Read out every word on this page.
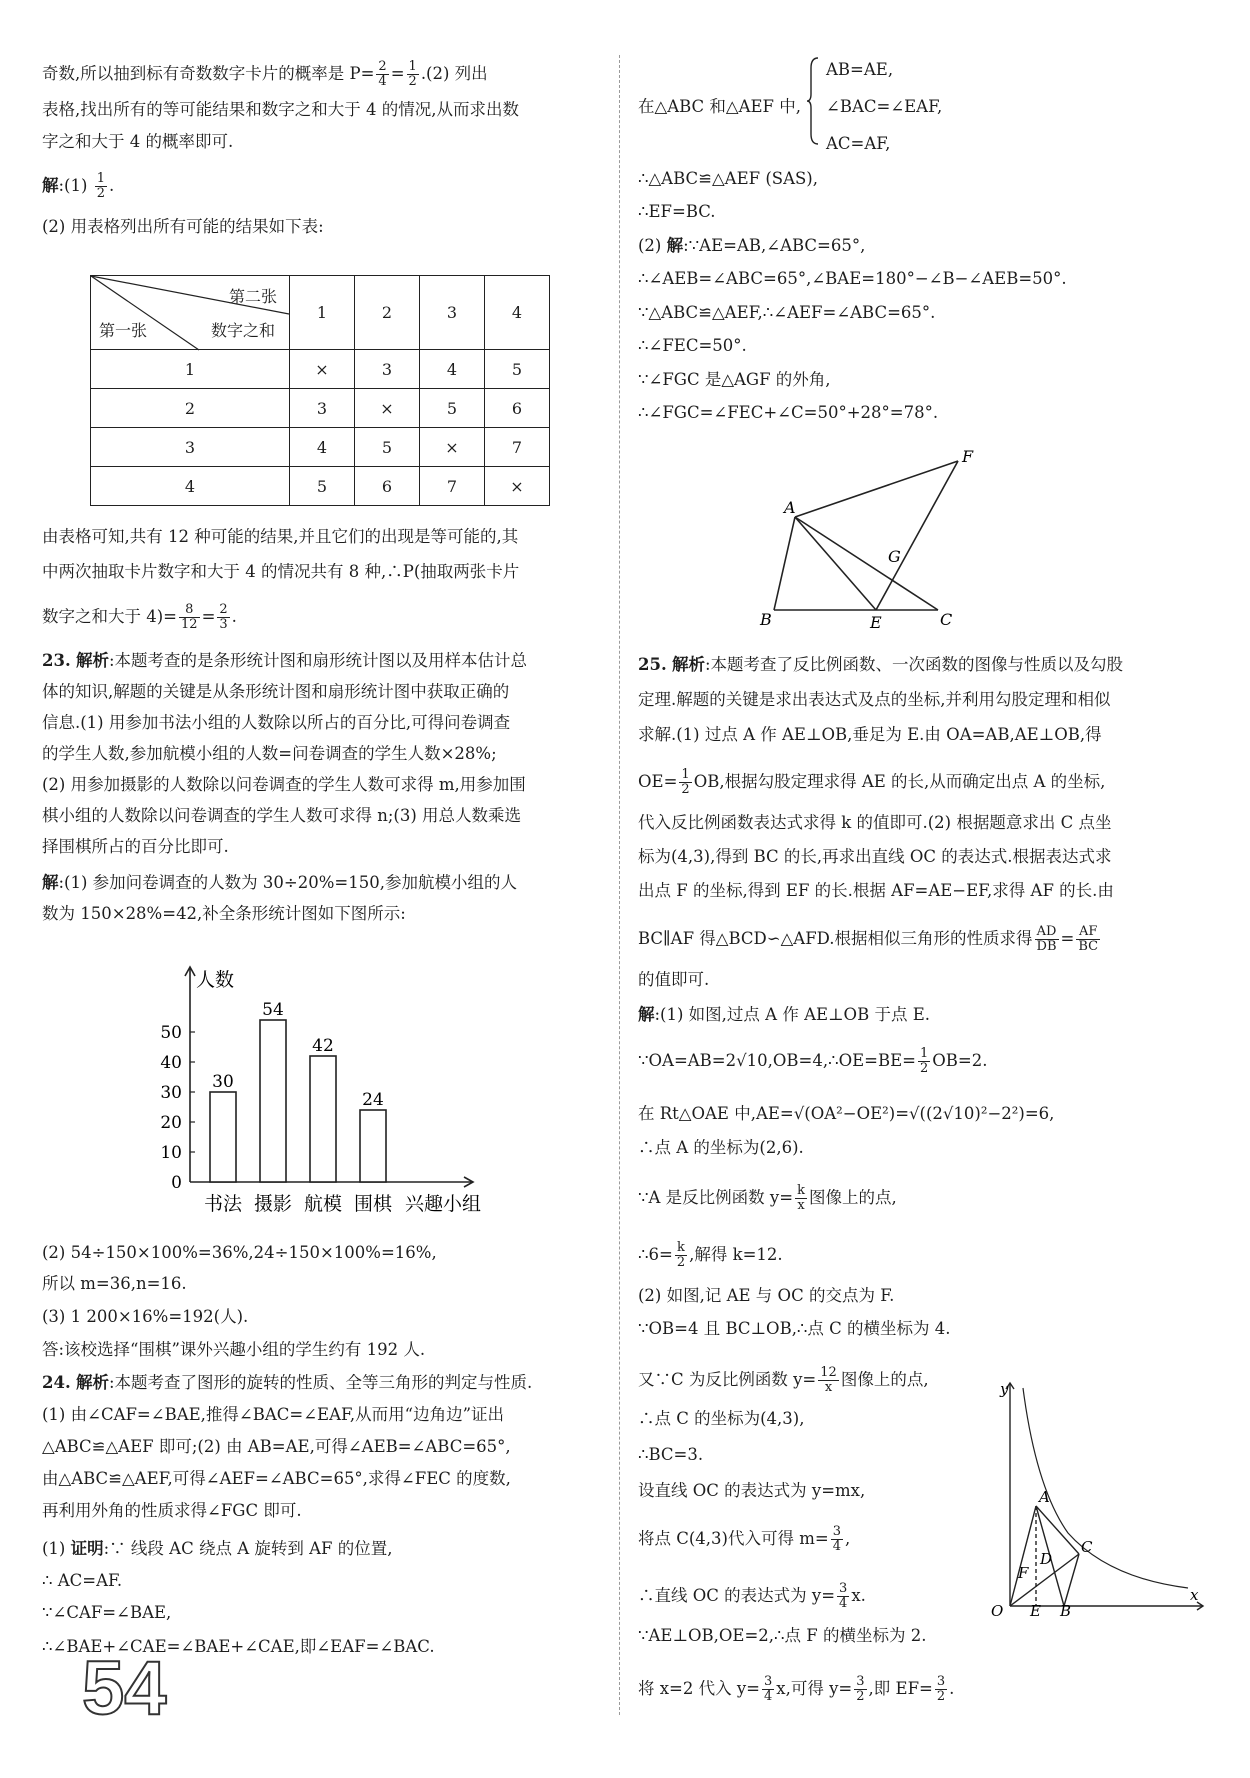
奇数,所以抽到标有奇数数字卡片的概率是 $P= \frac{2}{4} = \frac{1}{2} .(2)$ 列出
表格,找出所有的等可能结果和数字之和大于 4 的情况,从而求出数
字之和大于 4 的概率即可.
解:(1) $\frac{1}{2}$ .
(2) 用表格列出所有可能的结果如下表:
第二张
第一张 数字之和	1	2	3	4
1	×	3	4	5
2	3	×	5	6
3	4	5	×	7
4	5	6	7	×
由表格可知,共有 12 种可能的结果,并且它们的出现是等可能的,其
中两次抽取卡片数字和大于 4 的情况共有 8 种,∴P(抽取两张卡片
数字之和大于 $4)= \frac{8}{12} = \frac{2}{3}$ .
23. 解析:本题考查的是条形统计图和扇形统计图以及用样本估计总
体的知识,解题的关键是从条形统计图和扇形统计图中获取正确的
信息.(1) 用参加书法小组的人数除以所占的百分比,可得问卷调查
的学生人数,参加航模小组的人数=问卷调查的学生人数×28%;
(2) 用参加摄影的人数除以问卷调查的学生人数可求得 m,用参加围
棋小组的人数除以问卷调查的学生人数可求得 n;(3) 用总人数乘选
择围棋所占的百分比即可.
解:(1) 参加问卷调查的人数为 30÷20%=150,参加航模小组的人
数为 150×28%=42,补全条形统计图如下图所示:
人数
兴趣小组
0
10
20
30
40
50
30
书法
54
摄影
42
航模
24
围棋
(2) 54÷150×100%=36%,24÷150×100%=16%,
所以 m=36,n=16.
(3) 1 200×16%=192(人).
答:该校选择“围棋”课外兴趣小组的学生约有 192 人.
24. 解析:本题考查了图形的旋转的性质、全等三角形的判定与性质.
(1) 由∠CAF=∠BAE,推得∠BAC=∠EAF,从而用“边角边”证出
△ABC≌△AEF 即可;(2) 由 AB=AE,可得∠AEB=∠ABC=65°,
由△ABC≌△AEF,可得∠AEF=∠ABC=65°,求得∠FEC 的度数,
再利用外角的性质求得∠FGC 即可.
(1) 证明:∵ 线段 AC 绕点 A 旋转到 AF 的位置,
∴ AC=AF.
∵∠CAF=∠BAE,
∴∠BAE+∠CAE=∠BAE+∠CAE,即∠EAF=∠BAC.
54
在△ABC 和△AEF 中,
AB=AE,
∠BAC=∠EAF,
AC=AF,
∴△ABC≌△AEF (SAS),
∴EF=BC.
(2) 解:∵AE=AB,∠ABC=65°,
∴∠AEB=∠ABC=65°,∠BAE=180°−∠B−∠AEB=50°.
∵△ABC≌△AEF,∴∠AEF=∠ABC=65°.
∴∠FEC=50°.
∵∠FGC 是△AGF 的外角,
∴∠FGC=∠FEC+∠C=50°+28°=78°.
A
B	E	C
F
G
25. 解析:本题考查了反比例函数、一次函数的图像与性质以及勾股
定理.解题的关键是求出表达式及点的坐标,并利用勾股定理和相似
求解.(1) 过点 A 作 AE⊥OB,垂足为 E.由 OA=AB,AE⊥OB,得
$OE= \frac{1}{2}$ OB,根据勾股定理求得 AE 的长,从而确定出点 A 的坐标,
代入反比例函数表达式求得 k 的值即可.(2) 根据题意求出 C 点坐
标为(4,3),得到 BC 的长,再求出直线 OC 的表达式.根据表达式求
出点 F 的坐标,得到 EF 的长.根据 AF=AE−EF,求得 AF 的长.由
BC∥AF 得△BCD∽△AFD.根据相似三角形的性质求得 $\frac{AD}{DB} = \frac{AF}{BC}$
的值即可.
解:(1) 如图,过点 A 作 AE⊥OB 于点 E.
∵OA=AB=2√10,OB=4,∴OE=BE= $\frac{1}{2} OB=2$.
在 Rt△OAE 中,AE=√(OA²−OE²)=√((2√10)²−2²)=6,
∴点 A 的坐标为(2,6).
∵A 是反比例函数 $y= \frac{k}{x}$ 图像上的点,
∴6= $\frac{k}{2}$ ,解得 k=12.
(2) 如图,记 AE 与 OC 的交点为 F.
∵OB=4 且 BC⊥OB,∴点 C 的横坐标为 4.
又∵C 为反比例函数 $y= \frac{12}{x}$ 图像上的点,
∴点 C 的坐标为(4,3),
∴BC=3.
设直线 OC 的表达式为 y=mx,
将点 C(4,3)代入可得 $m= \frac{3}{4}$ ,
∴直线 OC 的表达式为 $y= \frac{3}{4} x$.
∵AE⊥OB,OE=2,∴点 F 的横坐标为 2.
将 x=2 代入 $y= \frac{3}{4} x$,可得 $y= \frac{3}{2}$ ,即 $EF= \frac{3}{2}$ .
y
x
O E B
A
C
D
F
